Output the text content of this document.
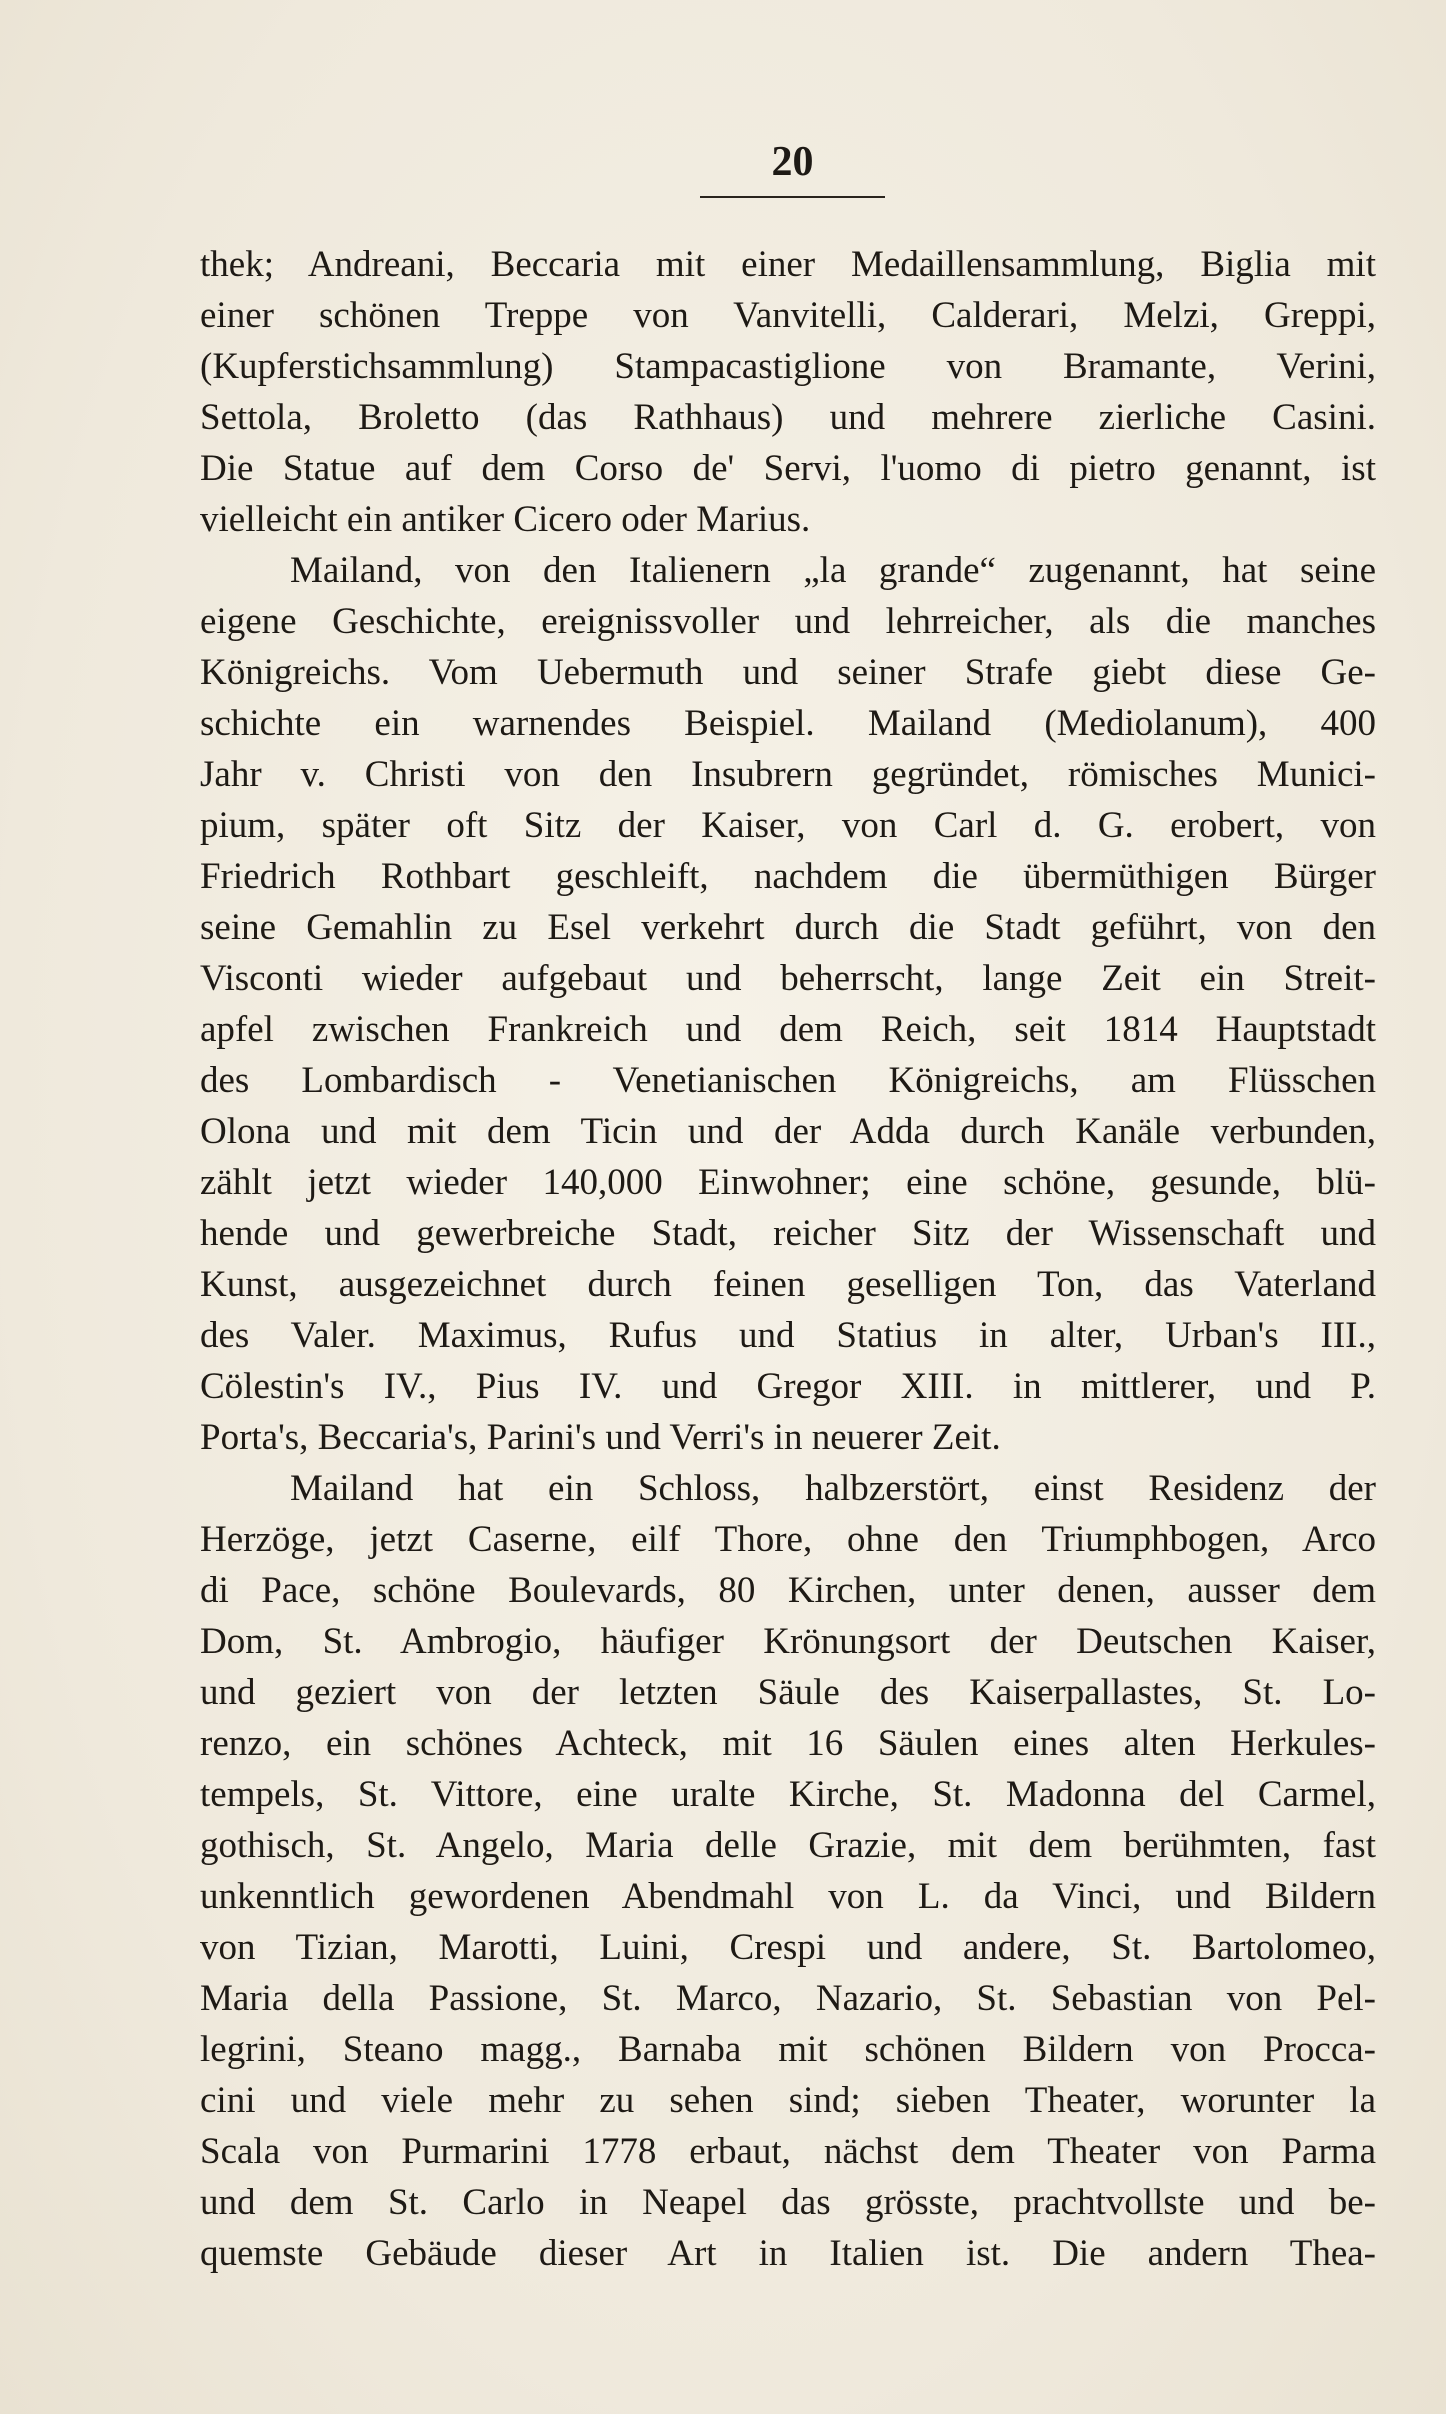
20
thek; Andreani, Beccaria mit einer Medaillensammlung, Biglia mit
einer schönen Treppe von Vanvitelli, Calderari, Melzi, Greppi,
(Kupferstichsammlung) Stampacastiglione von Bramante, Verini,
Settola, Broletto (das Rathhaus) und mehrere zierliche Casini.
Die Statue auf dem Corso de' Servi, l'uomo di pietro genannt, ist
vielleicht ein antiker Cicero oder Marius.
Mailand, von den Italienern „la grande“ zugenannt, hat seine
eigene Geschichte, ereignissvoller und lehrreicher, als die manches
Königreichs. Vom Uebermuth und seiner Strafe giebt diese Ge-
schichte ein warnendes Beispiel. Mailand (Mediolanum), 400
Jahr v. Christi von den Insubrern gegründet, römisches Munici-
pium, später oft Sitz der Kaiser, von Carl d. G. erobert, von
Friedrich Rothbart geschleift, nachdem die übermüthigen Bürger
seine Gemahlin zu Esel verkehrt durch die Stadt geführt, von den
Visconti wieder aufgebaut und beherrscht, lange Zeit ein Streit-
apfel zwischen Frankreich und dem Reich, seit 1814 Hauptstadt
des Lombardisch - Venetianischen Königreichs, am Flüsschen
Olona und mit dem Ticin und der Adda durch Kanäle verbunden,
zählt jetzt wieder 140,000 Einwohner; eine schöne, gesunde, blü-
hende und gewerbreiche Stadt, reicher Sitz der Wissenschaft und
Kunst, ausgezeichnet durch feinen geselligen Ton, das Vaterland
des Valer. Maximus, Rufus und Statius in alter, Urban's III.,
Cölestin's IV., Pius IV. und Gregor XIII. in mittlerer, und P.
Porta's, Beccaria's, Parini's und Verri's in neuerer Zeit.
Mailand hat ein Schloss, halbzerstört, einst Residenz der
Herzöge, jetzt Caserne, eilf Thore, ohne den Triumphbogen, Arco
di Pace, schöne Boulevards, 80 Kirchen, unter denen, ausser dem
Dom, St. Ambrogio, häufiger Krönungsort der Deutschen Kaiser,
und geziert von der letzten Säule des Kaiserpallastes, St. Lo-
renzo, ein schönes Achteck, mit 16 Säulen eines alten Herkules-
tempels, St. Vittore, eine uralte Kirche, St. Madonna del Carmel,
gothisch, St. Angelo, Maria delle Grazie, mit dem berühmten, fast
unkenntlich gewordenen Abendmahl von L. da Vinci, und Bildern
von Tizian, Marotti, Luini, Crespi und andere, St. Bartolomeo,
Maria della Passione, St. Marco, Nazario, St. Sebastian von Pel-
legrini, Steano magg., Barnaba mit schönen Bildern von Procca-
cini und viele mehr zu sehen sind; sieben Theater, worunter la
Scala von Purmarini 1778 erbaut, nächst dem Theater von Parma
und dem St. Carlo in Neapel das grösste, prachtvollste und be-
quemste Gebäude dieser Art in Italien ist. Die andern Thea-
